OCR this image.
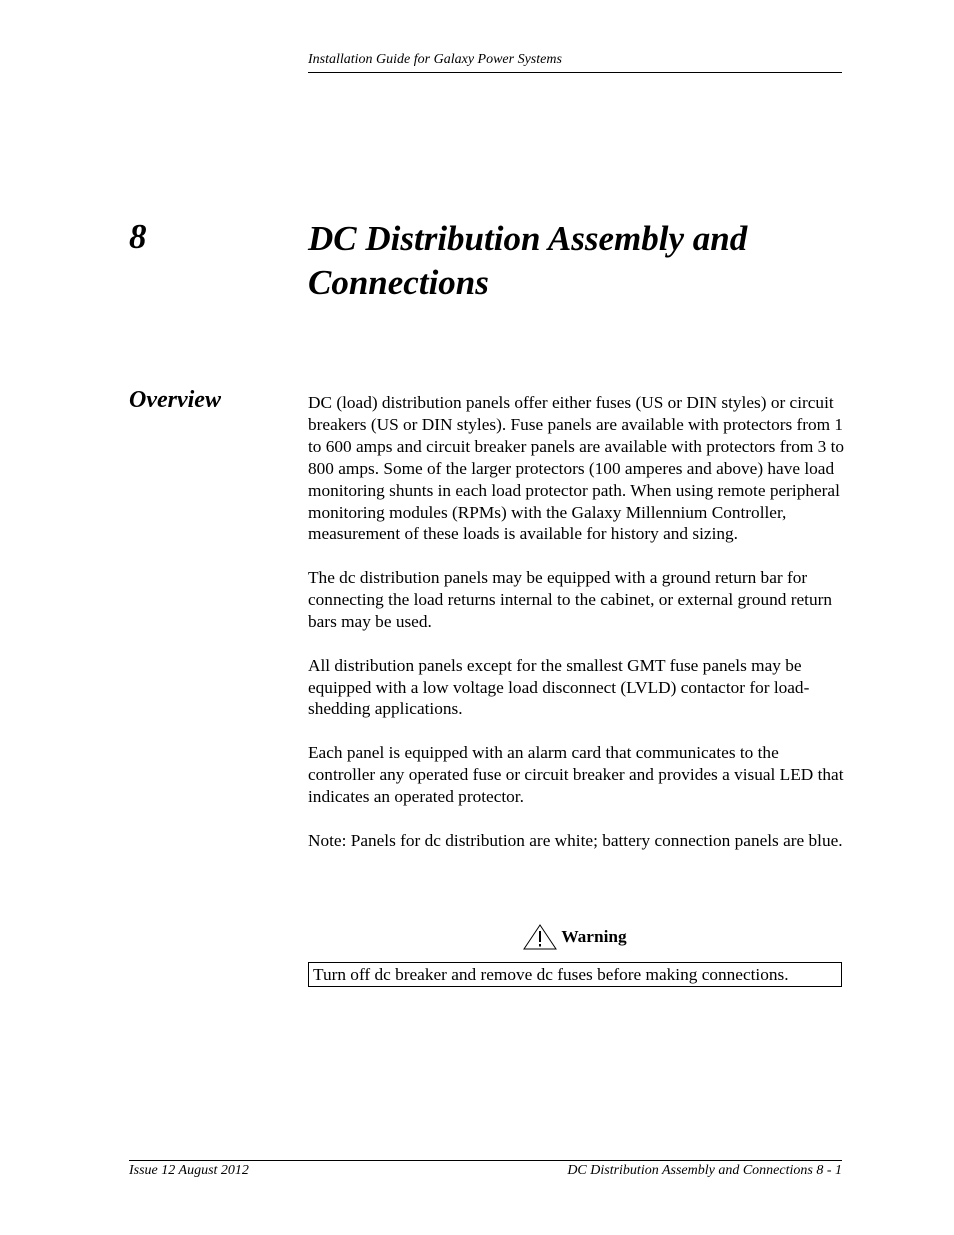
Installation Guide for Galaxy Power Systems
8	DC Distribution Assembly and Connections
Overview	DC (load) distribution panels offer either fuses (US or DIN styles) or circuit breakers (US or DIN styles). Fuse panels are available with protectors from 1 to 600 amps and circuit breaker panels are available with protectors from 3 to 800 amps. Some of the larger protectors (100 amperes and above) have load monitoring shunts in each load protector path. When using remote peripheral monitoring modules (RPMs) with the Galaxy Millennium Controller, measurement of these loads is available for history and sizing.

The dc distribution panels may be equipped with a ground return bar for connecting the load returns internal to the cabinet, or external ground return bars may be used.

All distribution panels except for the smallest GMT fuse panels may be equipped with a low voltage load disconnect (LVLD) contactor for load-shedding applications.

Each panel is equipped with an alarm card that communicates to the controller any operated fuse or circuit breaker and provides a visual LED that indicates an operated protector.

Note: Panels for dc distribution are white; battery connection panels are blue.

Warning
Turn off dc breaker and remove dc fuses before making connections.
Issue 12 August 2012	DC Distribution Assembly and Connections 8 - 1
